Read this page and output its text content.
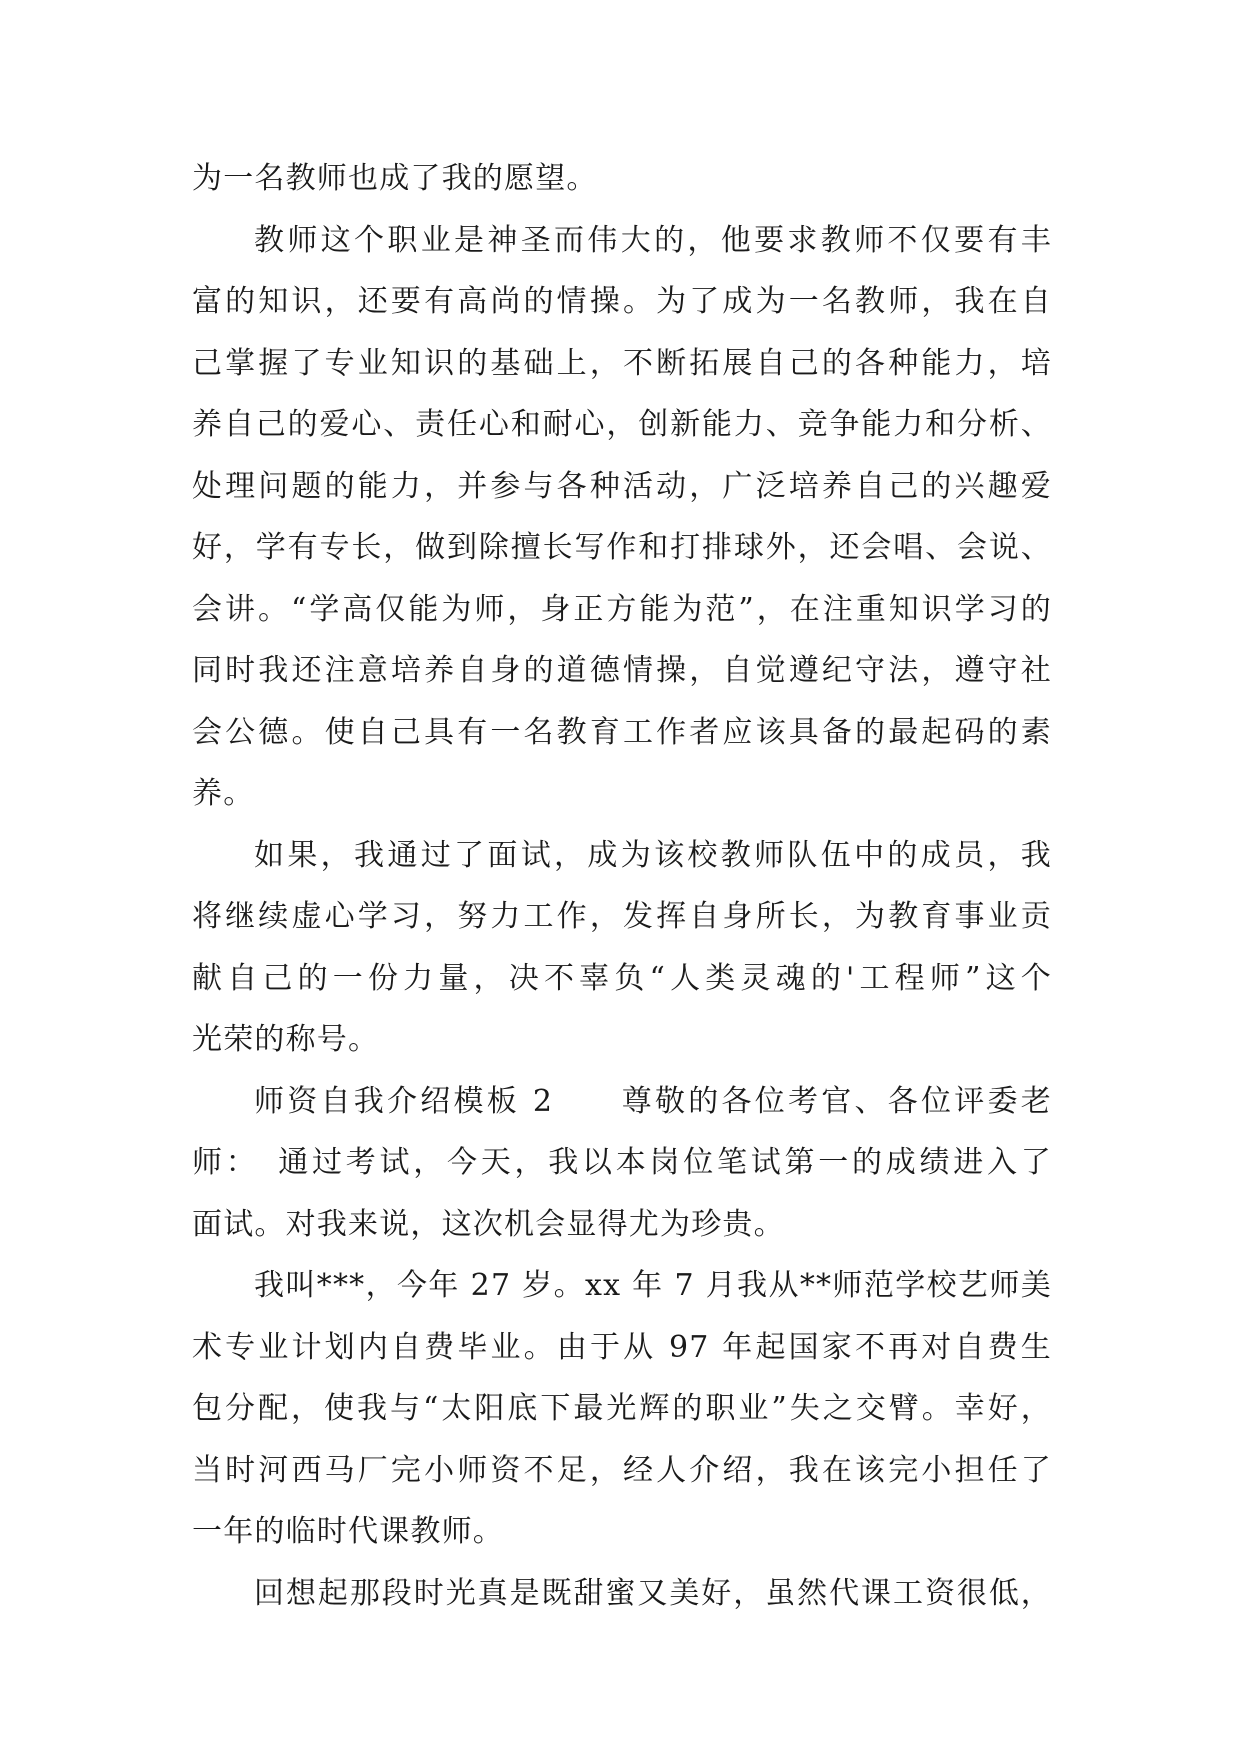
为一名教师也成了我的愿望。
教师这个职业是神圣而伟大的，他要求教师不仅要有丰
富的知识，还要有高尚的情操。为了成为一名教师，我在自
己掌握了专业知识的基础上，不断拓展自己的各种能力，培
养自己的爱心、责任心和耐心，创新能力、竞争能力和分析、
处理问题的能力，并参与各种活动，广泛培养自己的兴趣爱
好，学有专长，做到除擅长写作和打排球外，还会唱、会说、
会讲。“学高仅能为师，身正方能为范”，在注重知识学习的
同时我还注意培养自身的道德情操，自觉遵纪守法，遵守社
会公德。使自己具有一名教育工作者应该具备的最起码的素
养。
如果，我通过了面试，成为该校教师队伍中的成员，我
将继续虚心学习，努力工作，发挥自身所长，为教育事业贡
献自己的一份力量，决不辜负“人类灵魂的'工程师”这个
光荣的称号。
师资自我介绍模板 2　　尊敬的各位考官、各位评委老
师：　通过考试，今天，我以本岗位笔试第一的成绩进入了
面试。对我来说，这次机会显得尤为珍贵。
我叫***，今年 27 岁。xx 年 7 月我从**师范学校艺师美
术专业计划内自费毕业。由于从 97 年起国家不再对自费生
包分配，使我与“太阳底下最光辉的职业”失之交臂。幸好，
当时河西马厂完小师资不足，经人介绍，我在该完小担任了
一年的临时代课教师。
回想起那段时光真是既甜蜜又美好，虽然代课工资很低，
